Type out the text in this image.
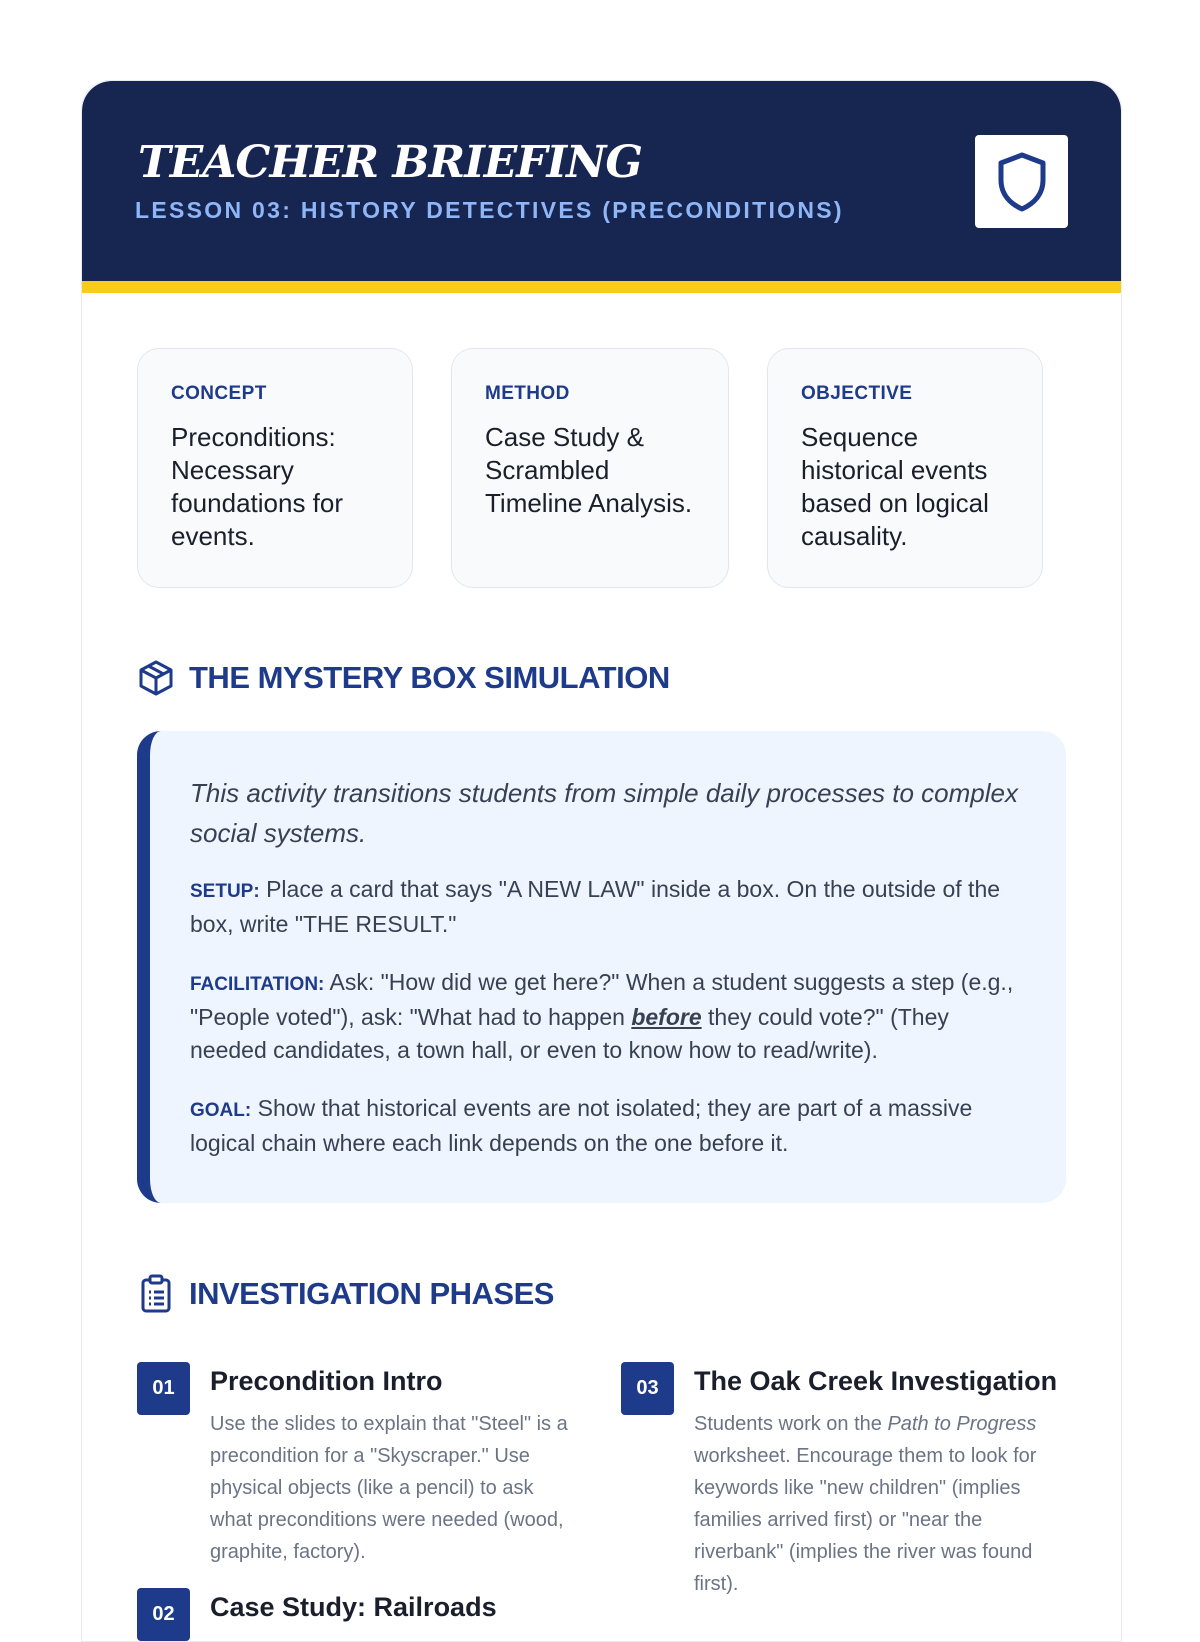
TEACHER BRIEFING
LESSON 03: HISTORY DETECTIVES (PRECONDITIONS)
CONCEPT
Preconditions: Necessary foundations for events.
METHOD
Case Study & Scrambled Timeline Analysis.
OBJECTIVE
Sequence historical events based on logical causality.
THE MYSTERY BOX SIMULATION
This activity transitions students from simple daily processes to complex social systems.
SETUP: Place a card that says "A NEW LAW" inside a box. On the outside of the box, write "THE RESULT."
FACILITATION: Ask: "How did we get here?" When a student suggests a step (e.g., "People voted"), ask: "What had to happen before they could vote?" (They needed candidates, a town hall, or even to know how to read/write).
GOAL: Show that historical events are not isolated; they are part of a massive logical chain where each link depends on the one before it.
INVESTIGATION PHASES
01	Precondition Intro
Use the slides to explain that "Steel" is a precondition for a "Skyscraper." Use physical objects (like a pencil) to ask what preconditions were needed (wood, graphite, factory).
03	The Oak Creek Investigation
Students work on the Path to Progress worksheet. Encourage them to look for keywords like "new children" (implies families arrived first) or "near the riverbank" (implies the river was found first).
02	Case Study: Railroads
